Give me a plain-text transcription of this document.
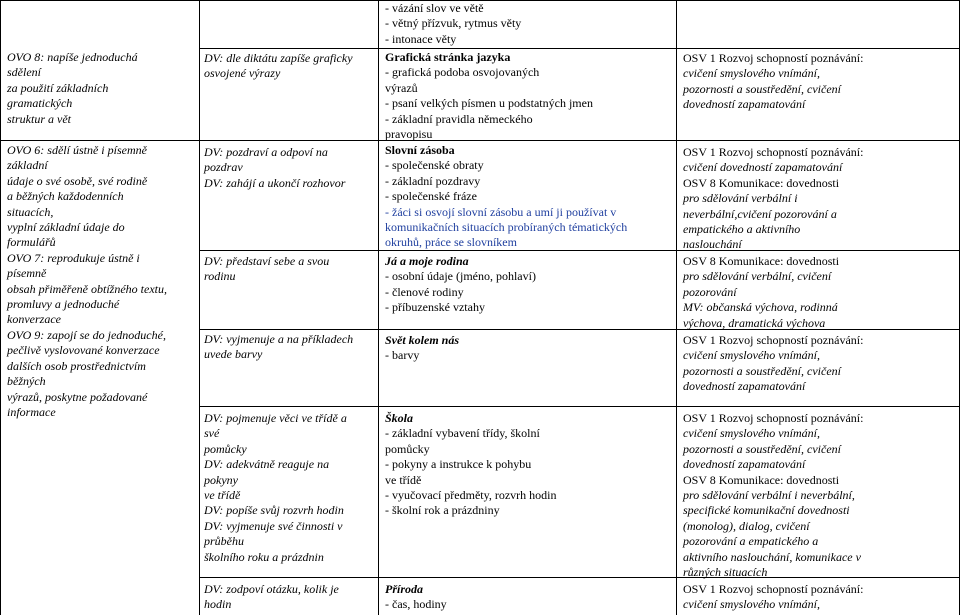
OVO 8: napíše jednoduchá
sdělení
za použití základních
gramatických
struktur a vět
OVO 6: sdělí ústně i písemně
základní
údaje o své osobě, své rodině
a běžných každodenních
situacích,
vyplní základní údaje do
formulářů
OVO 7: reprodukuje ústně i
písemně
obsah přiměřeně obtížného textu,
promluvy a jednoduché
konverzace
OVO 9: zapojí se do jednoduché,
pečlivě vyslovované konverzace
dalších osob prostřednictvím
běžných
výrazů, poskytne požadované
informace
DV: dle diktátu zapíše graficky
osvojené výrazy
DV: pozdraví a odpoví na
pozdrav
DV: zahájí a ukončí rozhovor
DV: představí sebe a svou
rodinu
DV: vyjmenuje a na příkladech
uvede barvy
DV: pojmenuje věci ve třídě a
své
pomůcky
DV: adekvátně reaguje na
pokyny
ve třídě
DV: popíše svůj rozvrh hodin
DV: vyjmenuje své činnosti v
průběhu
školního roku a prázdnin
DV: zodpoví otázku, kolik je
hodin
- vázání slov ve větě
- větný přízvuk, rytmus věty
- intonace věty
Grafická stránka jazyka
- grafická podoba osvojovaných
výrazů
- psaní velkých písmen u podstatných jmen
- základní pravidla německého
pravopisu
Slovní zásoba
- společenské obraty
- základní pozdravy
- společenské fráze
- žáci si osvojí slovní zásobu a umí ji používat v
komunikačních situacích probíraných tématických
okruhů, práce se slovníkem
Já a moje rodina
- osobní údaje (jméno, pohlaví)
- členové rodiny
- příbuzenské vztahy
Svět kolem nás
- barvy
Škola
- základní vybavení třídy, školní
pomůcky
- pokyny a instrukce k pohybu
ve třídě
- vyučovací předměty, rozvrh hodin
- školní rok a prázdniny
Příroda
- čas, hodiny
OSV 1 Rozvoj schopností poznávání:
cvičení smyslového vnímání,
pozornosti a soustředění, cvičení
dovedností zapamatování
OSV 1 Rozvoj schopností poznávání:
cvičení dovedností zapamatování
OSV 8 Komunikace: dovednosti
pro sdělování verbální i
neverbální,cvičení pozorování a
empatického a aktivního
naslouchání
OSV 8 Komunikace: dovednosti
pro sdělování verbální, cvičení
pozorování
MV: občanská výchova, rodinná
výchova, dramatická výchova
OSV 1 Rozvoj schopností poznávání:
cvičení smyslového vnímání,
pozornosti a soustředění, cvičení
dovedností zapamatování
OSV 1 Rozvoj schopností poznávání:
cvičení smyslového vnímání,
pozornosti a soustředění, cvičení
dovedností zapamatování
OSV 8 Komunikace: dovednosti
pro sdělování verbální i neverbální,
specifické komunikační dovednosti
(monolog), dialog, cvičení
pozorování a empatického a
aktivního naslouchání, komunikace v
různých situacích
OSV 1 Rozvoj schopností poznávání:
cvičení smyslového vnímání,
